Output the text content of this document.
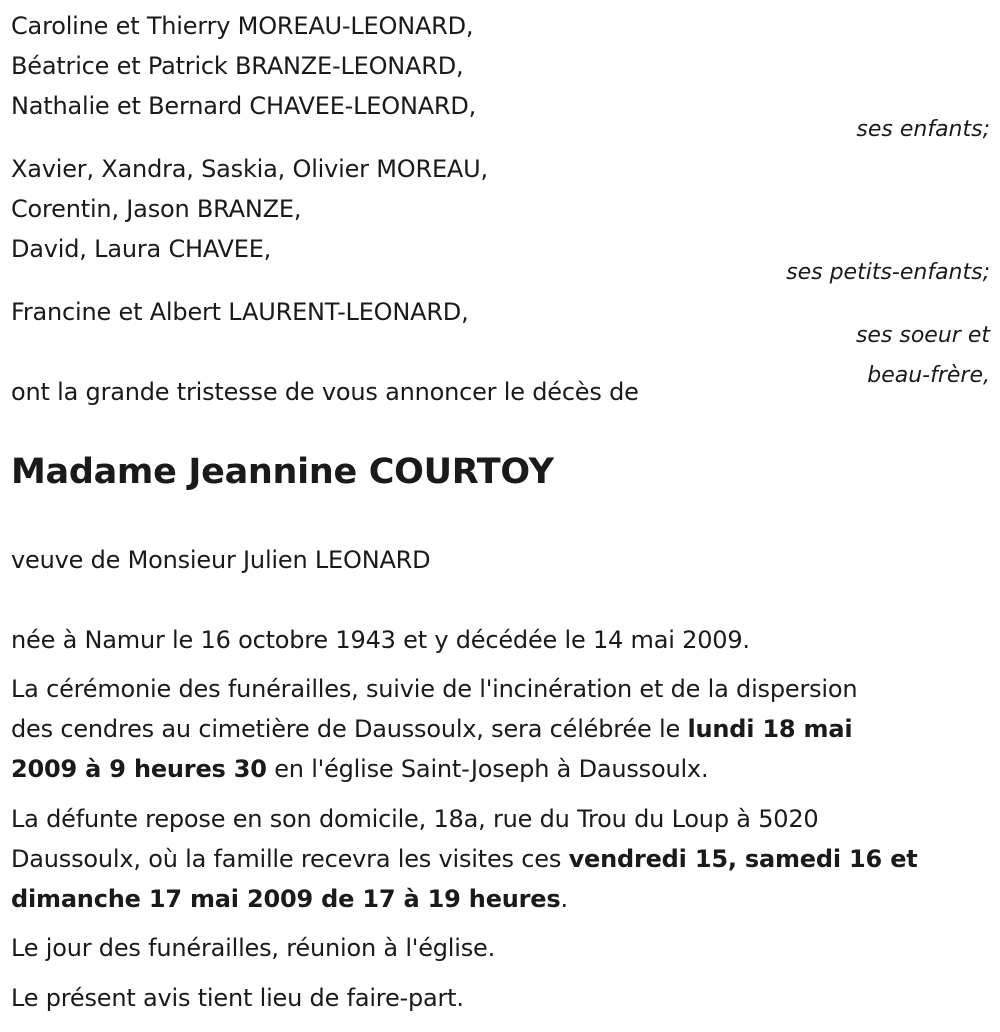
Caroline et Thierry MOREAU-LEONARD,
Béatrice et Patrick BRANZE-LEONARD,
Nathalie et Bernard CHAVEE-LEONARD,
ses enfants;
Xavier, Xandra, Saskia, Olivier MOREAU,
Corentin, Jason BRANZE,
David, Laura CHAVEE,
ses petits-enfants;
Francine et Albert LAURENT-LEONARD,
ses soeur et
beau-frère,
ont la grande tristesse de vous annoncer le décès de
Madame Jeannine COURTOY
veuve de Monsieur Julien LEONARD
née à Namur le 16 octobre 1943 et y décédée le 14 mai 2009.
La cérémonie des funérailles, suivie de l'incinération et de la dispersion
des cendres au cimetière de Daussoulx, sera célébrée le lundi 18 mai
2009 à 9 heures 30 en l'église Saint-Joseph à Daussoulx.
La défunte repose en son domicile, 18a, rue du Trou du Loup à 5020
Daussoulx, où la famille recevra les visites ces vendredi 15, samedi 16 et
dimanche 17 mai 2009 de 17 à 19 heures.
Le jour des funérailles, réunion à l'église.
Le présent avis tient lieu de faire-part.
